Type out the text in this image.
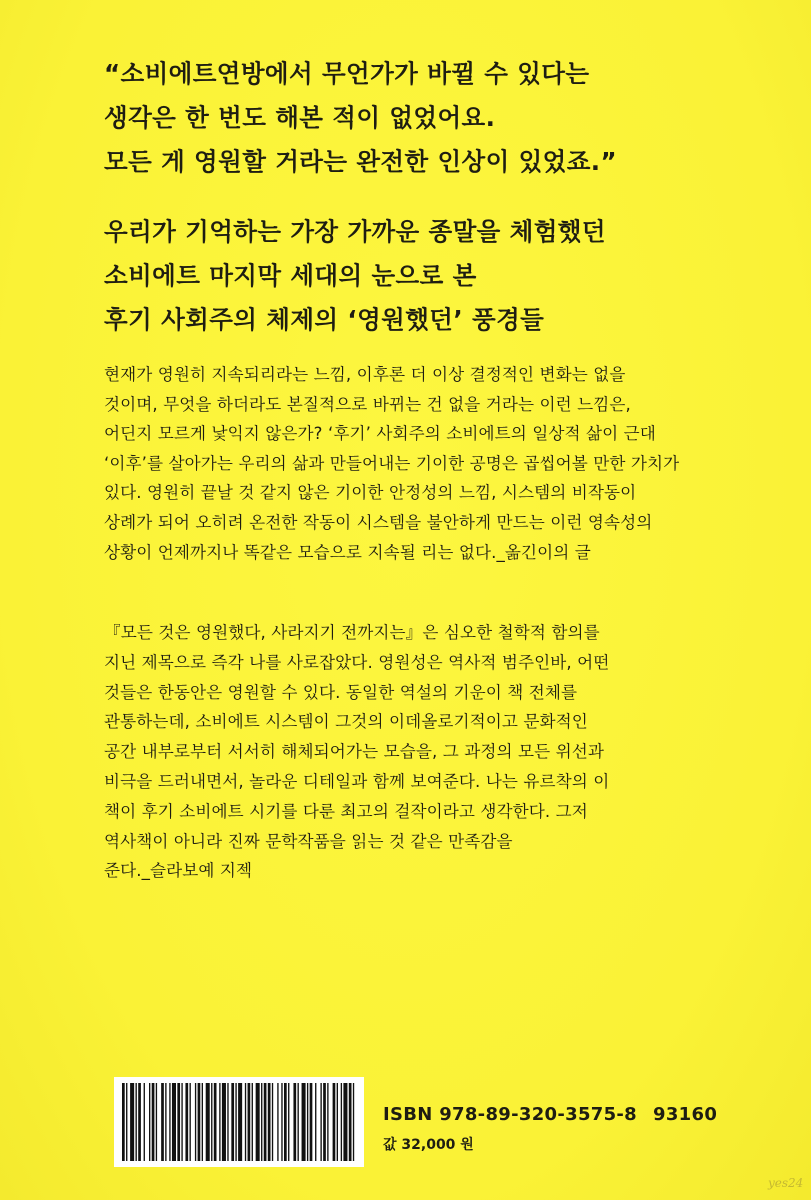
“소비에트연방에서 무언가가 바뀔 수 있다는
생각은 한 번도 해본 적이 없었어요.
모든 게 영원할 거라는 완전한 인상이 있었죠.”

우리가 기억하는 가장 가까운 종말을 체험했던
소비에트 마지막 세대의 눈으로 본
후기 사회주의 체제의 ‘영원했던’ 풍경들

현재가 영원히 지속되리라는 느낌, 이후론 더 이상 결정적인 변화는 없을
것이며, 무엇을 하더라도 본질적으로 바뀌는 건 없을 거라는 이런 느낌은,
어딘지 모르게 낯익지 않은가? ‘후기’ 사회주의 소비에트의 일상적 삶이 근대
‘이후’를 살아가는 우리의 삶과 만들어내는 기이한 공명은 곱씹어볼 만한 가치가
있다. 영원히 끝날 것 같지 않은 기이한 안정성의 느낌, 시스템의 비작동이
상례가 되어 오히려 온전한 작동이 시스템을 불안하게 만드는 이런 영속성의
상황이 언제까지나 똑같은 모습으로 지속될 리는 없다._옮긴이의 글

『모든 것은 영원했다, 사라지기 전까지는』은 심오한 철학적 함의를
지닌 제목으로 즉각 나를 사로잡았다. 영원성은 역사적 범주인바, 어떤
것들은 한동안은 영원할 수 있다. 동일한 역설의 기운이 책 전체를
관통하는데, 소비에트 시스템이 그것의 이데올로기적이고 문화적인
공간 내부로부터 서서히 해체되어가는 모습을, 그 과정의 모든 위선과
비극을 드러내면서, 놀라운 디테일과 함께 보여준다. 나는 유르착의 이
책이 후기 소비에트 시기를 다룬 최고의 걸작이라고 생각한다. 그저
역사책이 아니라 진짜 문학작품을 읽는 것 같은 만족감을
준다._슬라보예 지젝

ISBN 978-89-320-3575-8 93160
값 32,000 원
yes24
